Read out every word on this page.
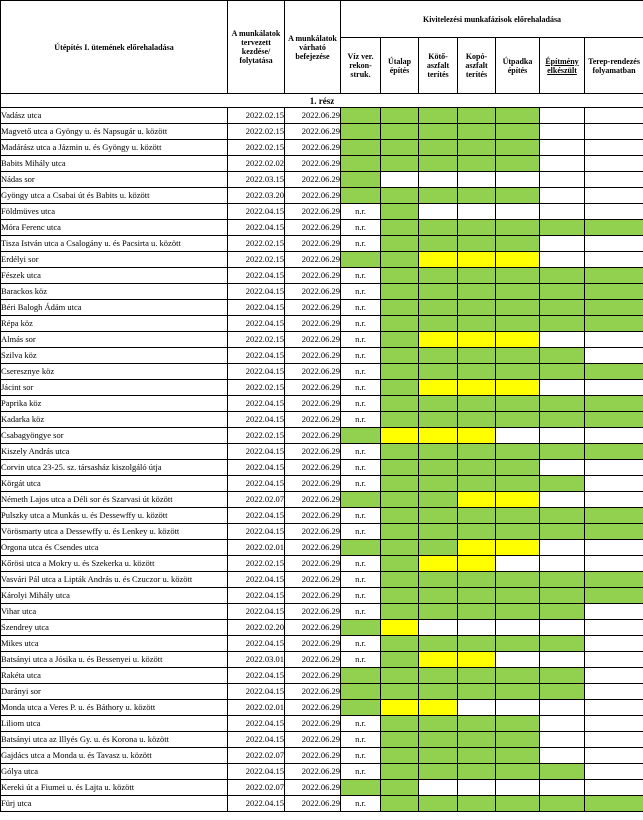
Útépítés I. ütemének előrehaladása	A munkálatok tervezett kezdése/ folytatása	A munkálatok várható befejezése	Kivitelezési munkafázisok előrehaladása						
			Víz ver. rekon-struk.	Útalap építés	Kötő-aszfalt terítés	Kopó-aszfalt terítés	Útpadka építés	Építmény elkészült	Terep-rendezés folyamatban
1. rész									
Vadász utca	2022.02.15	2022.06.29							
Magvető utca a Gyöngy u. és Napsugár u. között	2022.02.15	2022.06.29							
Madárász utca a Jázmin u. és Gyöngy u. között	2022.02.15	2022.06.29							
Babits Mihály utca	2022.02.02	2022.06.29							
Nádas sor	2022.03.15	2022.06.29							
Gyöngy utca a Csabai út és Babits u. között	2022.03.20	2022.06.29							
Földmüves utca	2022.04.15	2022.06.29	n.r.						
Móra Ferenc utca	2022.04.15	2022.06.29	n.r.						
Tisza István utca a Csalogány u. és Pacsirta u. között	2022.02.15	2022.06.29	n.r.						
Erdélyi sor	2022.02.15	2022.06.29							
Fészek utca	2022.04.15	2022.06.29	n.r.						
Barackos köz	2022.04.15	2022.06.29	n.r.						
Béri Balogh Ádám utca	2022.04.15	2022.06.29	n.r.						
Répa köz	2022.04.15	2022.06.29	n.r.						
Almás sor	2022.02.15	2022.06.29	n.r.						
Szilva köz	2022.04.15	2022.06.29	n.r.						
Cseresznye köz	2022.04.15	2022.06.29	n.r.						
Jácint sor	2022.02.15	2022.06.29	n.r.						
Paprika köz	2022.04.15	2022.06.29	n.r.						
Kadarka köz	2022.04.15	2022.06.29	n.r.						
Csabagyöngye sor	2022.02.15	2022.06.29							
Kiszely András utca	2022.04.15	2022.06.29	n.r.						
Corvin utca 23-25. sz. társasház kiszolgáló útja	2022.04.15	2022.06.29	n.r.						
Körgát utca	2022.04.15	2022.06.29	n.r.						
Németh Lajos utca a Déli sor és Szarvasi út között	2022.02.07	2022.06.29							
Pulszky utca a Munkás u. és Dessewffy u. között	2022.04.15	2022.06.29	n.r.						
Vörösmarty utca a Dessewffy u. és Lenkey u. között	2022.04.15	2022.06.29	n.r.						
Orgona utca és Csendes utca	2022.02.01	2022.06.29							
Kőrösi utca a Mokry u. és Szekerka u. között	2022.02.15	2022.06.29	n.r.						
Vasvári Pál utca a Lipták András u. és Czuczor u. között	2022.04.15	2022.06.29	n.r.						
Károlyi Mihály utca	2022.04.15	2022.06.29	n.r.						
Vihar utca	2022.04.15	2022.06.29	n.r.						
Szendrey utca	2022.02.20	2022.06.29							
Mikes utca	2022.04.15	2022.06.29	n.r.						
Batsányi utca a Jósika u. és Bessenyei u. között	2022.03.01	2022.06.29	n.r.						
Rakéta utca	2022.04.15	2022.06.29							
Darányi sor	2022.04.15	2022.06.29							
Monda utca a Veres P. u. és Báthory u. között	2022.02.01	2022.06.29							
Liliom utca	2022.04.15	2022.06.29	n.r.						
Batsányi utca az Illyés Gy. u. és Korona u. között	2022.04.15	2022.06.29	n.r.						
Gajdács utca a Monda u. és Tavasz u. között	2022.02.07	2022.06.29	n.r.						
Gólya utca	2022.04.15	2022.06.29	n.r.						
Kereki út a Fiumei u. és Lajta u. között	2022.02.07	2022.06.29							
Fürj utca	2022.04.15	2022.06.29	n.r.						
